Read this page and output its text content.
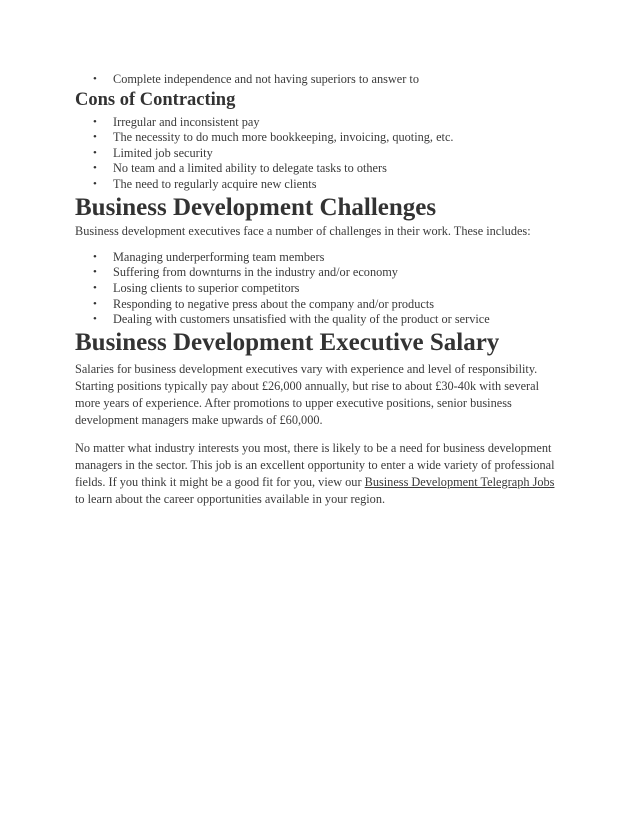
• Complete independence and not having superiors to answer to
Cons of Contracting
• Irregular and inconsistent pay
• The necessity to do much more bookkeeping, invoicing, quoting, etc.
• Limited job security
• No team and a limited ability to delegate tasks to others
• The need to regularly acquire new clients
Business Development Challenges

Business development executives face a number of challenges in their work. These includes:

• Managing underperforming team members
• Suffering from downturns in the industry and/or economy
• Losing clients to superior competitors
• Responding to negative press about the company and/or products
• Dealing with customers unsatisfied with the quality of the product or service
Business Development Executive Salary

Salaries for business development executives vary with experience and level of responsibility. Starting positions typically pay about £26,000 annually, but rise to about £30-40k with several more years of experience. After promotions to upper executive positions, senior business development managers make upwards of £60,000.

No matter what industry interests you most, there is likely to be a need for business development managers in the sector. This job is an excellent opportunity to enter a wide variety of professional fields. If you think it might be a good fit for you, view our Business Development Telegraph Jobs to learn about the career opportunities available in your region.
